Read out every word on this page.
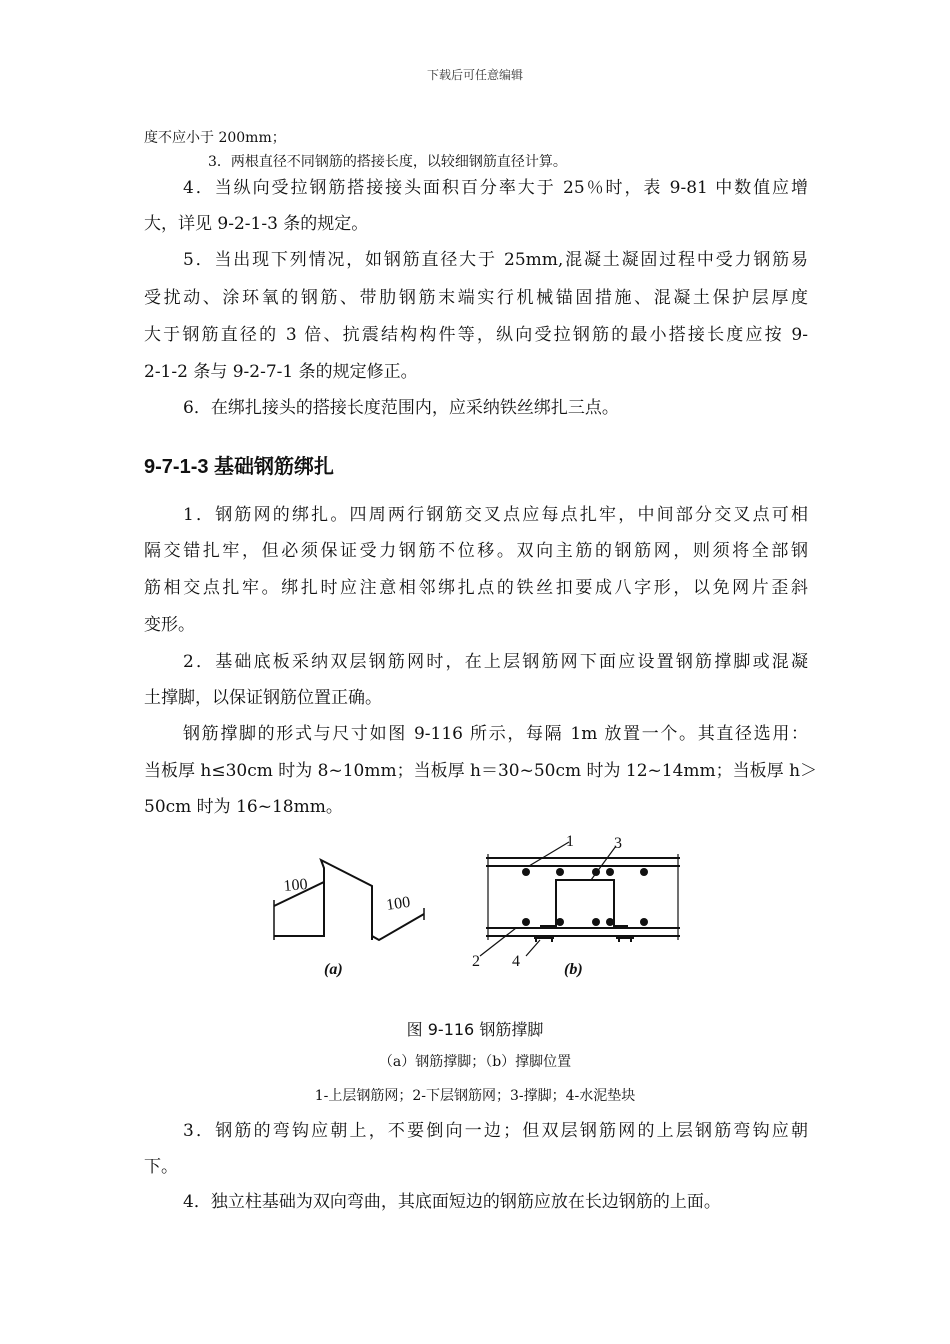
下载后可任意编辑
度不应小于 200mm；
3．两根直径不同钢筋的搭接长度，以较细钢筋直径计算。
4．当纵向受拉钢筋搭接接头面积百分率大于 25％时，表 9-81 中数值应增
大，详见 9-2-1-3 条的规定。
5．当出现下列情况，如钢筋直径大于 25mm,混凝土凝固过程中受力钢筋易
受扰动、涂环氧的钢筋、带肋钢筋末端实行机械锚固措施、混凝土保护层厚度
大于钢筋直径的 3 倍、抗震结构构件等，纵向受拉钢筋的最小搭接长度应按 9-
2-1-2 条与 9-2-7-1 条的规定修正。
6．在绑扎接头的搭接长度范围内，应采纳铁丝绑扎三点。
9-7-1-3 基础钢筋绑扎
1．钢筋网的绑扎。四周两行钢筋交叉点应每点扎牢，中间部分交叉点可相
隔交错扎牢，但必须保证受力钢筋不位移。双向主筋的钢筋网，则须将全部钢
筋相交点扎牢。绑扎时应注意相邻绑扎点的铁丝扣要成八字形，以免网片歪斜
变形。
2．基础底板采纳双层钢筋网时，在上层钢筋网下面应设置钢筋撑脚或混凝
土撑脚，以保证钢筋位置正确。
钢筋撑脚的形式与尺寸如图 9-116 所示，每隔 1m 放置一个。其直径选用：
当板厚 h≤30cm 时为 8~10mm；当板厚 h＝30~50cm 时为 12~14mm；当板厚 h＞
50cm 时为 16~18mm。
100
100
(a)
1	3
2 4	(b)
图 9-116 钢筋撑脚
（a）钢筋撑脚；（b）撑脚位置
1-上层钢筋网；2-下层钢筋网；3-撑脚；4-水泥垫块
3．钢筋的弯钩应朝上，不要倒向一边；但双层钢筋网的上层钢筋弯钩应朝
下。
4．独立柱基础为双向弯曲，其底面短边的钢筋应放在长边钢筋的上面。
